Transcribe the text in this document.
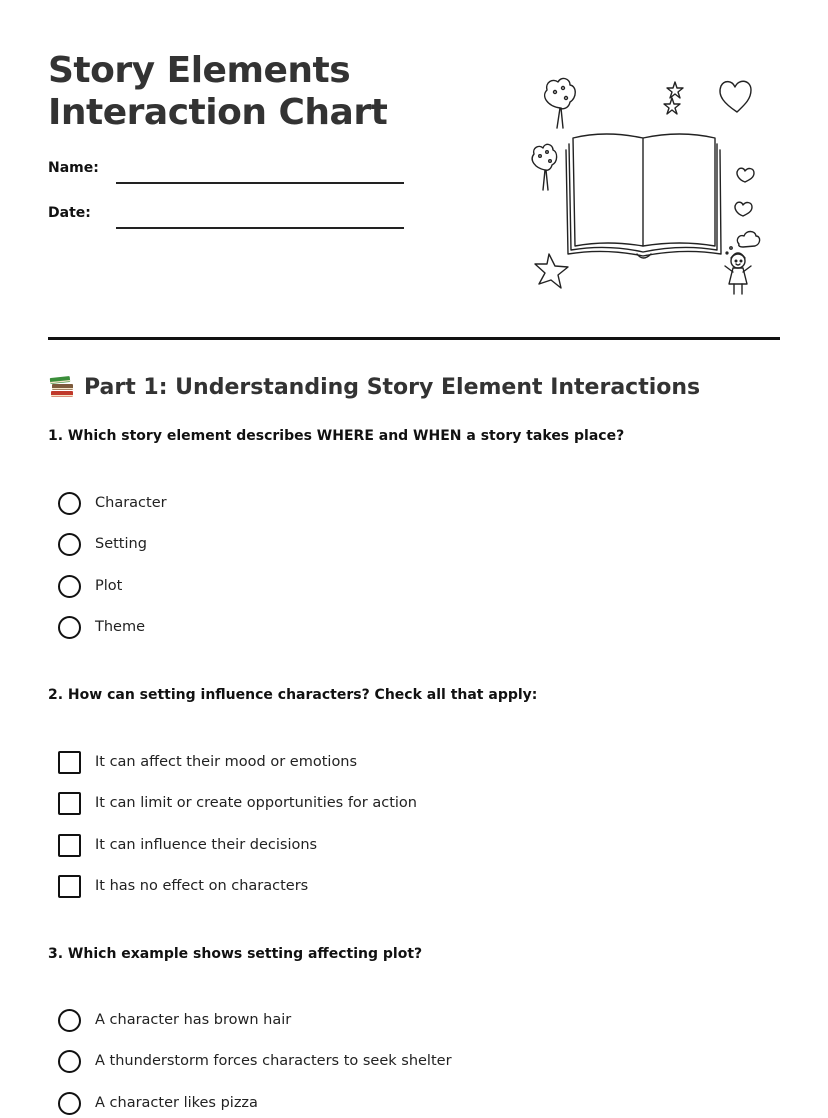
Story Elements
Interaction Chart
Name:
Date:
Part 1: Understanding Story Element Interactions

1. Which story element describes WHERE and WHEN a story takes place?

Character
Setting
Plot
Theme

2. How can setting influence characters? Check all that apply:

It can affect their mood or emotions
It can limit or create opportunities for action
It can influence their decisions
It has no effect on characters

3. Which example shows setting affecting plot?

A character has brown hair
A thunderstorm forces characters to seek shelter
A character likes pizza
